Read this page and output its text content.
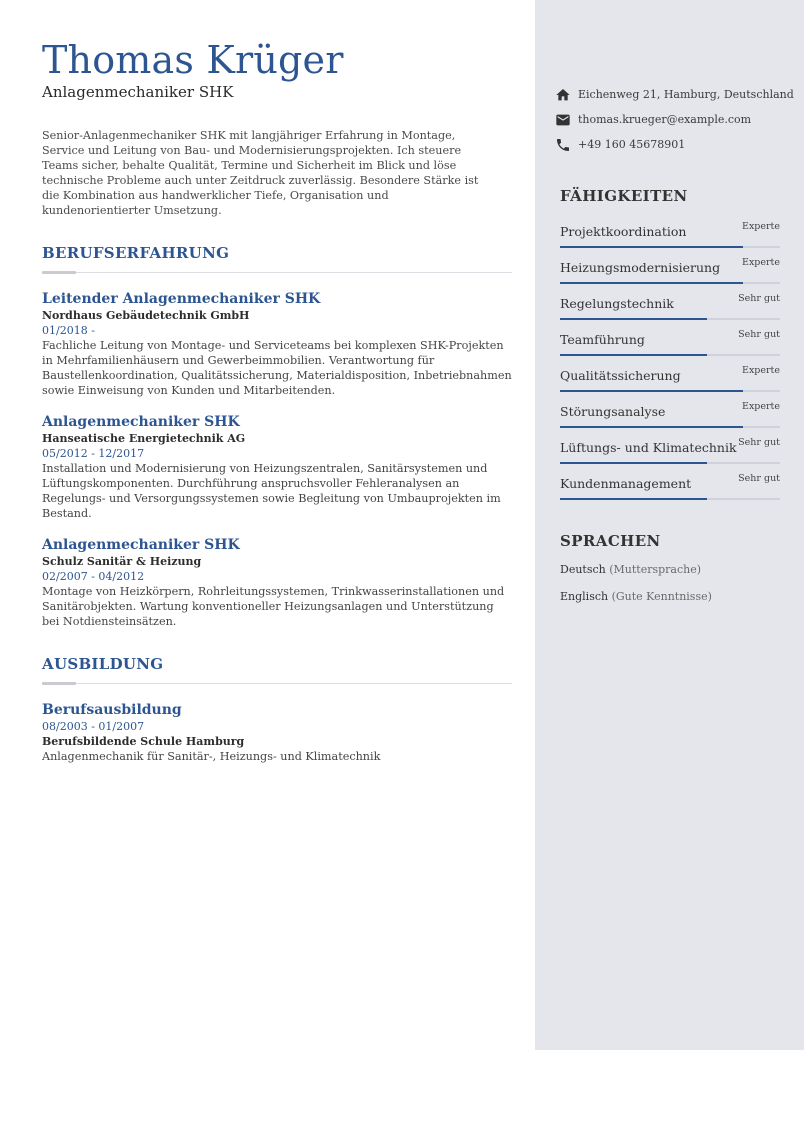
Thomas Krüger
Anlagenmechaniker SHK

Senior-Anlagenmechaniker SHK mit langjähriger Erfahrung in Montage, Service und Leitung von Bau- und Modernisierungsprojekten. Ich steuere Teams sicher, behalte Qualität, Termine und Sicherheit im Blick und löse technische Probleme auch unter Zeitdruck zuverlässig. Besondere Stärke ist die Kombination aus handwerklicher Tiefe, Organisation und kundenorientierter Umsetzung.

BERUFSERFAHRUNG
Leitender Anlagenmechaniker SHK
Nordhaus Gebäudetechnik GmbH
01/2018 -
Fachliche Leitung von Montage- und Serviceteams bei komplexen SHK-Projekten in Mehrfamilienhäusern und Gewerbeimmobilien. Verantwortung für Baustellenkoordination, Qualitätssicherung, Materialdisposition, Inbetriebnahmen sowie Einweisung von Kunden und Mitarbeitenden.
Anlagenmechaniker SHK
Hanseatische Energietechnik AG
05/2012 - 12/2017
Installation und Modernisierung von Heizungszentralen, Sanitärsystemen und Lüftungskomponenten. Durchführung anspruchsvoller Fehleranalysen an Regelungs- und Versorgungssystemen sowie Begleitung von Umbauprojekten im Bestand.
Anlagenmechaniker SHK
Schulz Sanitär & Heizung
02/2007 - 04/2012
Montage von Heizkörpern, Rohrleitungssystemen, Trinkwasserinstallationen und Sanitärobjekten. Wartung konventioneller Heizungsanlagen und Unterstützung bei Notdiensteinsätzen.
AUSBILDUNG
Berufsausbildung
08/2003 - 01/2007
Berufsbildende Schule Hamburg
Anlagenmechanik für Sanitär-, Heizungs- und Klimatechnik
Eichenweg 21, Hamburg, Deutschland
thomas.krueger@example.com
+49 160 45678901
FÄHIGKEITEN
Projektkoordination	Experte
Heizungsmodernisierung Experte
Regelungstechnik	Sehr gut
Teamführung	Sehr gut
Qualitätssicherung	Experte
Störungsanalyse	Experte
Lüftungs- und Klimatechnik Sehr gut
Kundenmanagement	Sehr gut
SPRACHEN
Deutsch (Muttersprache)
Englisch (Gute Kenntnisse)
